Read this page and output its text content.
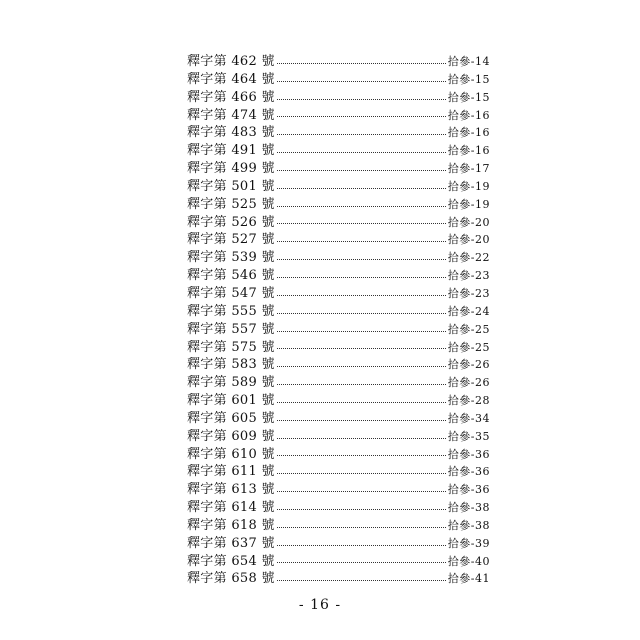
釋字第 462 號	拾參-14
釋字第 464 號	拾參-15
釋字第 466 號	拾參-15
釋字第 474 號	拾參-16
釋字第 483 號	拾參-16
釋字第 491 號	拾參-16
釋字第 499 號	拾參-17
釋字第 501 號	拾參-19
釋字第 525 號	拾參-19
釋字第 526 號	拾參-20
釋字第 527 號	拾參-20
釋字第 539 號	拾參-22
釋字第 546 號	拾參-23
釋字第 547 號	拾參-23
釋字第 555 號	拾參-24
釋字第 557 號	拾參-25
釋字第 575 號	拾參-25
釋字第 583 號	拾參-26
釋字第 589 號	拾參-26
釋字第 601 號	拾參-28
釋字第 605 號	拾參-34
釋字第 609 號	拾參-35
釋字第 610 號	拾參-36
釋字第 611 號	拾參-36
釋字第 613 號	拾參-36
釋字第 614 號	拾參-38
釋字第 618 號	拾參-38
釋字第 637 號	拾參-39
釋字第 654 號	拾參-40
釋字第 658 號	拾參-41
- 16 -
